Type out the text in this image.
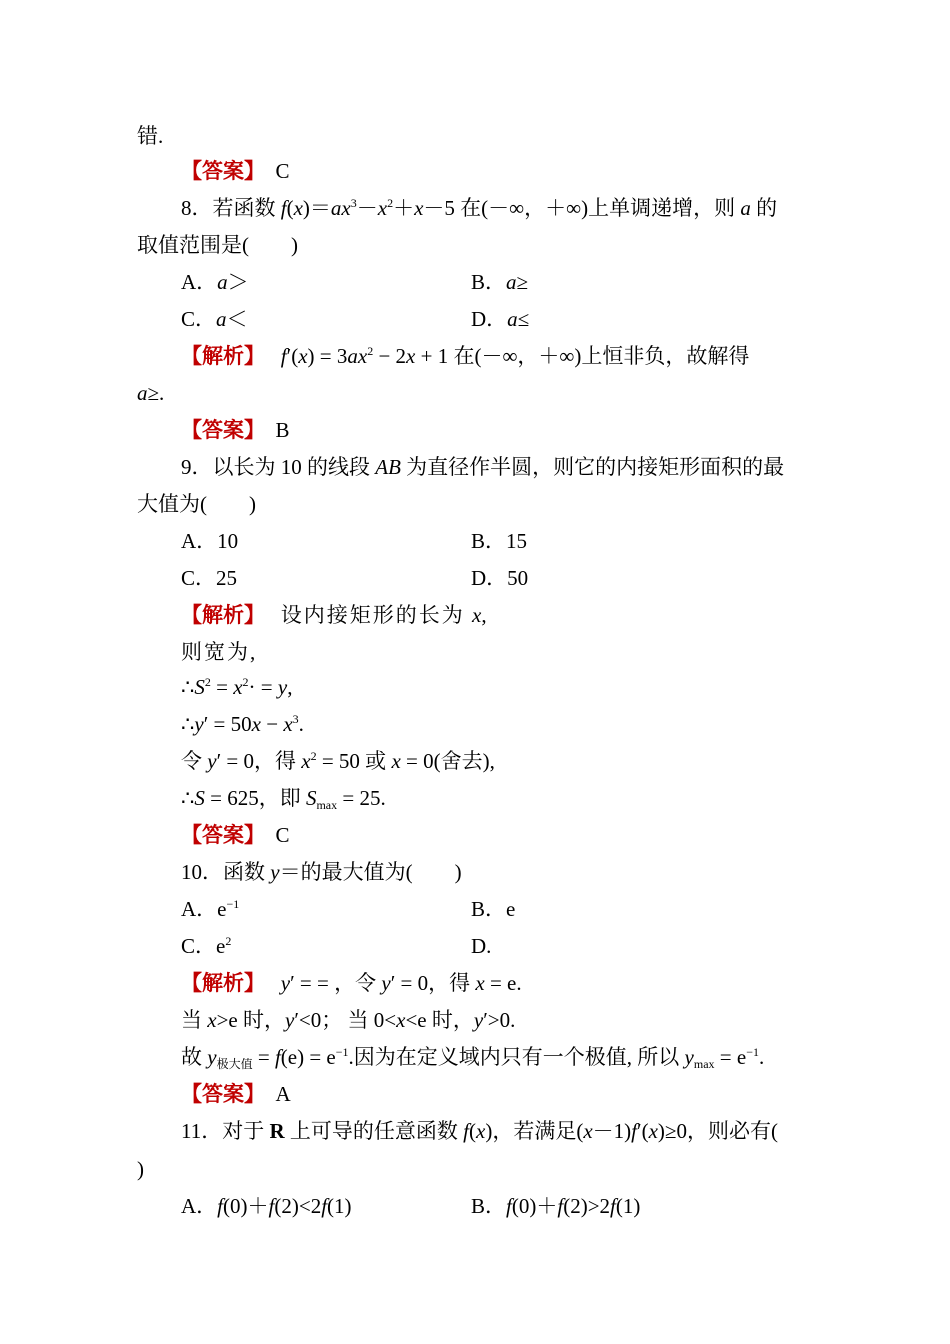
错.
【答案】　 C
8．若函数 $f(x)=ax^3-x^2+x-5$ 在(－∞，＋∞)上单调递增，则 a 的
取值范围是(　　)
A．a＞	B．a≥
C．a＜	D．a≤
【解析】　 $f'(x) = 3ax^2 - 2x + 1$ 在(－∞，＋∞)上恒非负，故解得
a≥.
【答案】　 B
9．以长为 10 的线段 AB 为直径作半圆，则它的内接矩形面积的最
大值为(　　)
A．10	B．15
C．25	D．50
【解析】　 设内接矩形的长为 x,
则宽为,
$\therefore S^2 = x^2\cdot = y$,
∴y′ = $50x - x^3$.
令 y′ = 0，得 $x^2 = 50$ 或 x = 0(舍去),
∴S = 625，即 $S_{max} = 25$.
【答案】　 C
10．函数 y＝的最大值为(　　)
A．$e^{-1}$	B．e
C．$e^2$	D.
【解析】　 y′ = = ，令 y′ = 0，得 x = e.
当 x>e 时，y′<0； 当 0<x<e 时，y′>0.
故 $y_{极大值} = f(e) = e^{-1}$.因为在定义域内只有一个极值, 所以 $y_{max} = e^{-1}$.
【答案】　 A
11．对于 R 上可导的任意函数 f(x)，若满足(x－1)f′(x)≥0，则必有(
)
A．f(0)＋f(2)<2f(1)	B．f(0)＋f(2)>2f(1)
